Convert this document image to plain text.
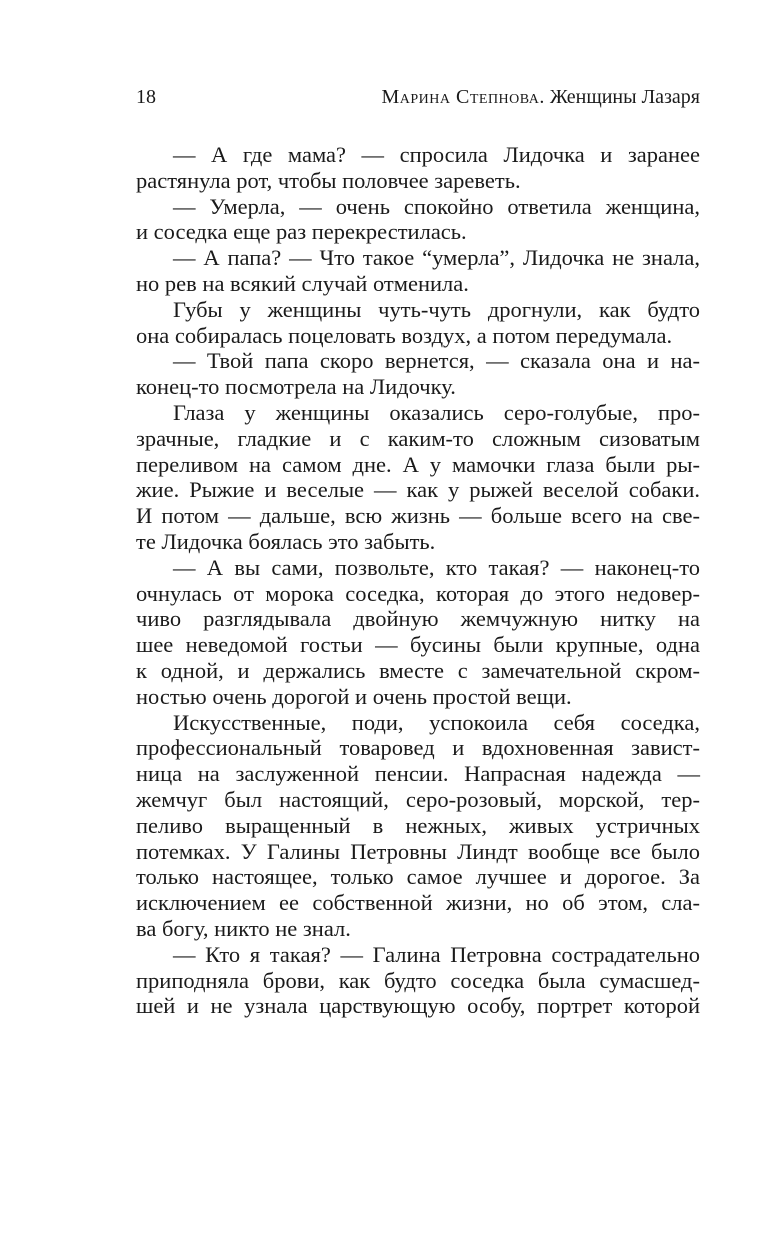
18	Марина Степнова. Женщины Лазаря
— А где мама? — спросила Лидочка и заранее
растянула рот, чтобы половчее зареветь.
— Умерла, — очень спокойно ответила женщина,
и соседка еще раз перекрестилась.
— А папа? — Что такое “умерла”, Лидочка не знала,
но рев на всякий случай отменила.
Губы у женщины чуть-чуть дрогнули, как будто
она собиралась поцеловать воздух, а потом передумала.
— Твой папа скоро вернется, — сказала она и на-
конец-то посмотрела на Лидочку.
Глаза у женщины оказались серо-голубые, про-
зрачные, гладкие и с каким-то сложным сизоватым
переливом на самом дне. А у мамочки глаза были ры-
жие. Рыжие и веселые — как у рыжей веселой собаки.
И потом — дальше, всю жизнь — больше всего на све-
те Лидочка боялась это забыть.
— А вы сами, позвольте, кто такая? — наконец-то
очнулась от морока соседка, которая до этого недовер-
чиво разглядывала двойную жемчужную нитку на
шее неведомой гостьи — бусины были крупные, одна
к одной, и держались вместе с замечательной скром-
ностью очень дорогой и очень простой вещи.
Искусственные, поди, успокоила себя соседка,
профессиональный товаровед и вдохновенная завист-
ница на заслуженной пенсии. Напрасная надежда —
жемчуг был настоящий, серо-розовый, морской, тер-
пеливо выращенный в нежных, живых устричных
потемках. У Галины Петровны Линдт вообще все было
только настоящее, только самое лучшее и дорогое. За
исключением ее собственной жизни, но об этом, сла-
ва богу, никто не знал.
— Кто я такая? — Галина Петровна сострадательно
приподняла брови, как будто соседка была сумасшед-
шей и не узнала царствующую особу, портрет которой
